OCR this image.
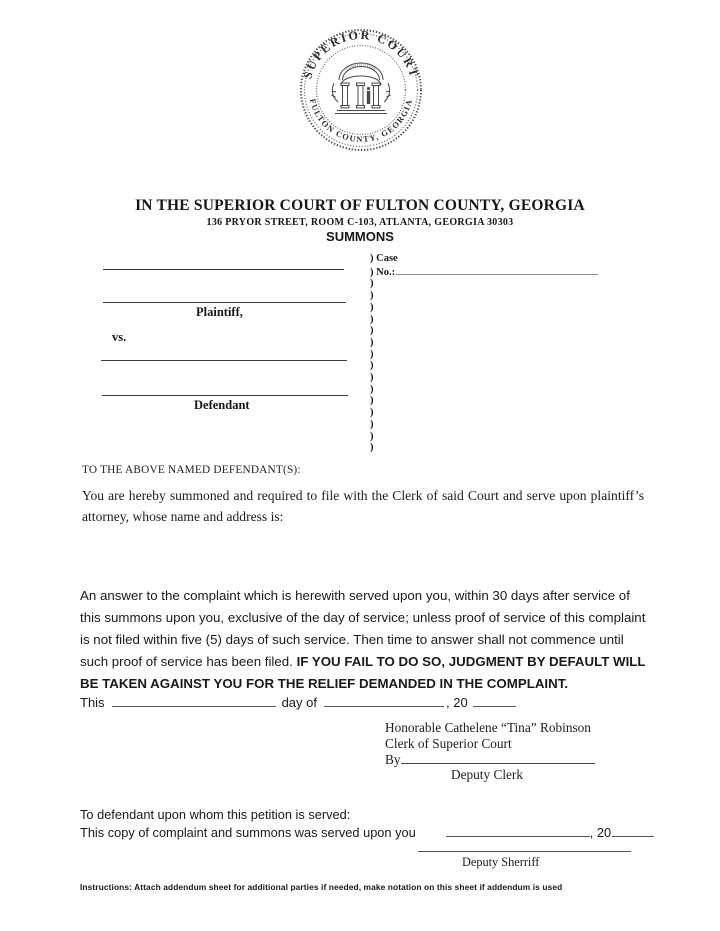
SUPERIOR COURT
FULTON COUNTY, GEORGIA
CONSTITUTION
IN THE SUPERIOR COURT OF FULTON COUNTY, GEORGIA
136 PRYOR STREET, ROOM C-103, ATLANTA, GEORGIA 30303
SUMMONS
Plaintiff,
vs.
Defendant
) Case
) No.:
)
)
)
)
)
)
)
)
)
)
)
)
)
)
)
TO THE ABOVE NAMED DEFENDANT(S):
You are hereby summoned and required to file with the Clerk of said Court and serve upon plaintiff’s attorney, whose name and address is:
An answer to the complaint which is herewith served upon you, within 30 days after service of this summons upon you, exclusive of the day of service; unless proof of service of this complaint is not filed within five (5) days of such service. Then time to answer shall not commence until such proof of service has been filed. IF YOU FAIL TO DO SO, JUDGMENT BY DEFAULT WILL BE TAKEN AGAINST YOU FOR THE RELIEF DEMANDED IN THE COMPLAINT.
This	day of	, 20
Honorable Cathelene “Tina” Robinson
Clerk of Superior Court
By
Deputy Clerk
To defendant upon whom this petition is served:
This copy of complaint and summons was served upon you	, 20
Deputy Sherriff
Instructions: Attach addendum sheet for additional parties if needed, make notation on this sheet if addendum is used
